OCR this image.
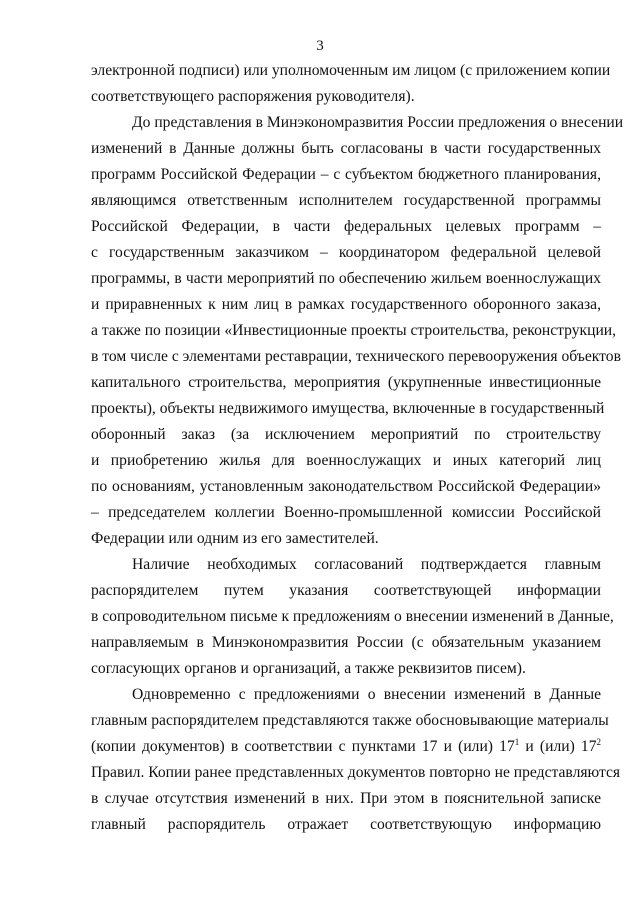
3
электронной подписи) или уполномоченным им лицом (с приложением копии
соответствующего распоряжения руководителя).
До представления в Минэкономразвития России предложения о внесении
изменений в Данные должны быть согласованы в части государственных
программ Российской Федерации – с субъектом бюджетного планирования,
являющимся ответственным исполнителем государственной программы
Российской Федерации, в части федеральных целевых программ –
с государственным заказчиком – координатором федеральной целевой
программы, в части мероприятий по обеспечению жильем военнослужащих
и приравненных к ним лиц в рамках государственного оборонного заказа,
а также по позиции «Инвестиционные проекты строительства, реконструкции,
в том числе с элементами реставрации, технического перевооружения объектов
капитального строительства, мероприятия (укрупненные инвестиционные
проекты), объекты недвижимого имущества, включенные в государственный
оборонный заказ (за исключением мероприятий по строительству
и приобретению жилья для военнослужащих и иных категорий лиц
по основаниям, установленным законодательством Российской Федерации»
– председателем коллегии Военно-промышленной комиссии Российской
Федерации или одним из его заместителей.
Наличие необходимых согласований подтверждается главным
распорядителем путем указания соответствующей информации
в сопроводительном письме к предложениям о внесении изменений в Данные,
направляемым в Минэкономразвития России (с обязательным указанием
согласующих органов и организаций, а также реквизитов писем).
Одновременно с предложениями о внесении изменений в Данные
главным распорядителем представляются также обосновывающие материалы
(копии документов) в соответствии с пунктами 17 и (или) $17^1$ и (или) $17^2$
Правил. Копии ранее представленных документов повторно не представляются
в случае отсутствия изменений в них. При этом в пояснительной записке
главный распорядитель отражает соответствующую информацию
